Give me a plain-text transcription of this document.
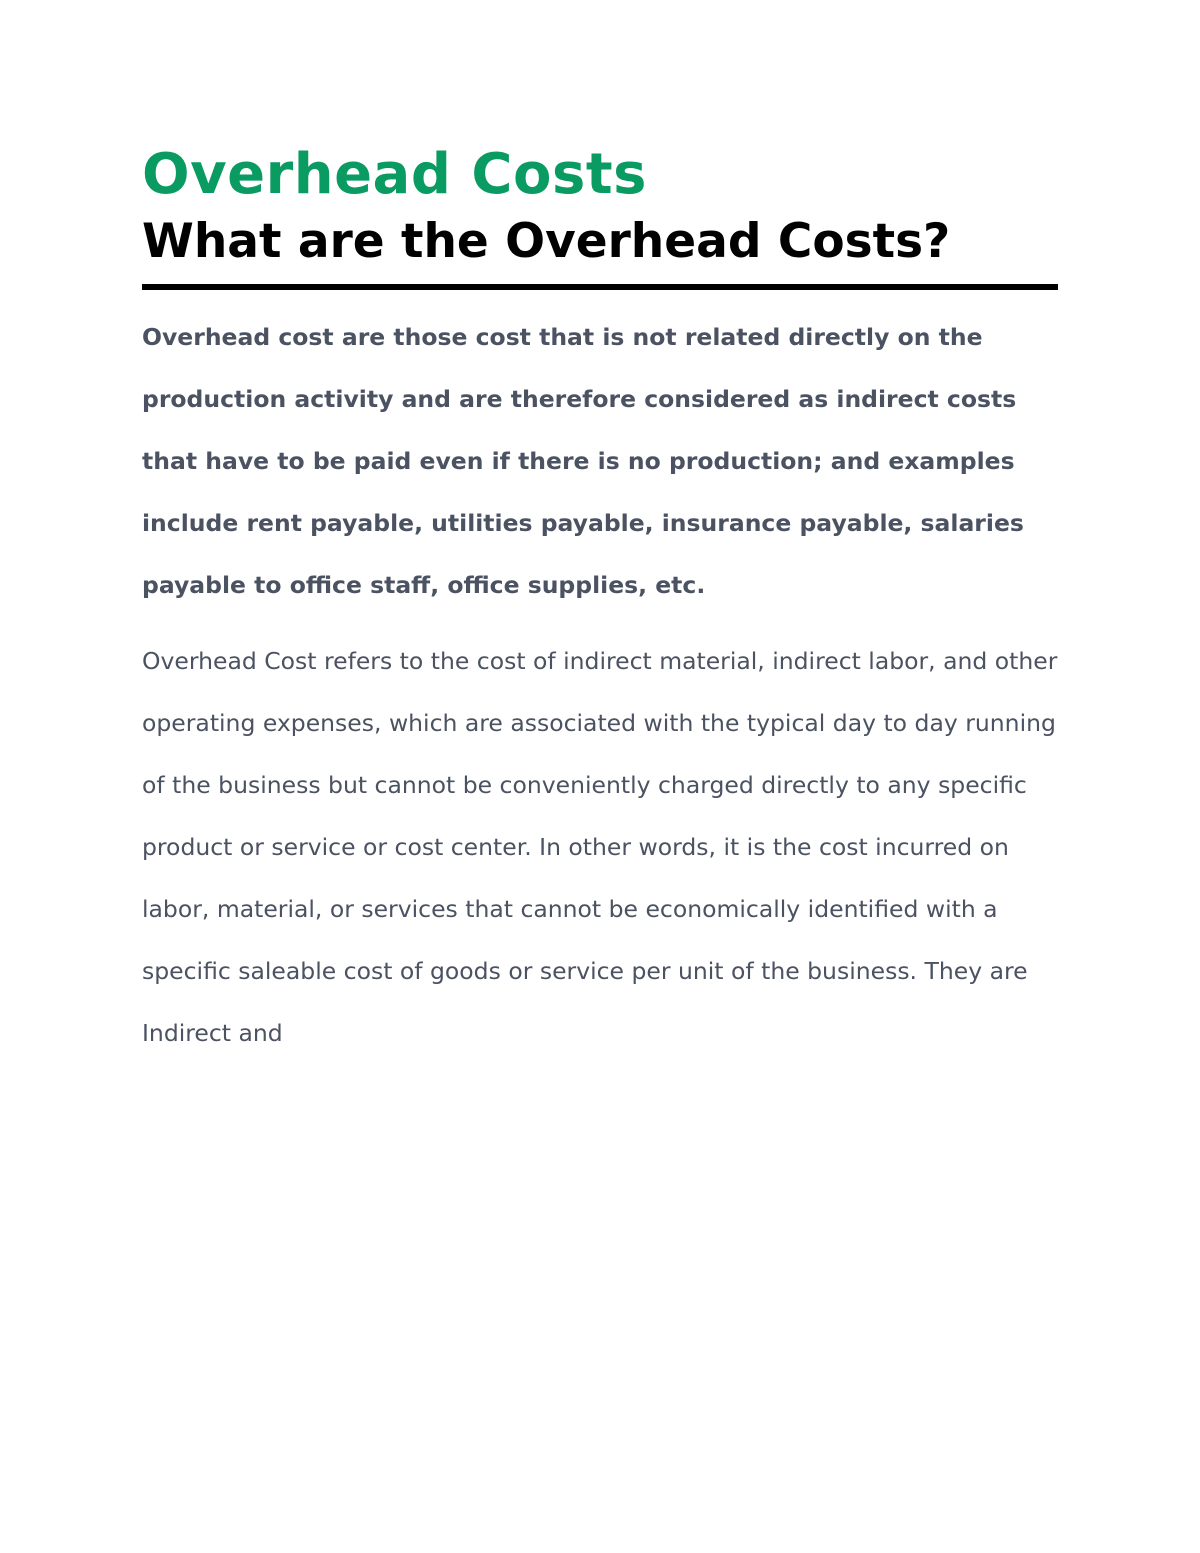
Overhead Costs
What are the Overhead Costs?

Overhead cost are those cost that is not related directly on the production activity and are therefore considered as indirect costs that have to be paid even if there is no production; and examples include rent payable, utilities payable, insurance payable, salaries payable to office staff, office supplies, etc.

Overhead Cost refers to the cost of indirect material, indirect labor, and other operating expenses, which are associated with the typical day to day running of the business but cannot be conveniently charged directly to any specific product or service or cost center. In other words, it is the cost incurred on labor, material, or services that cannot be economically identified with a specific saleable cost of goods or service per unit of the business. They are Indirect and
